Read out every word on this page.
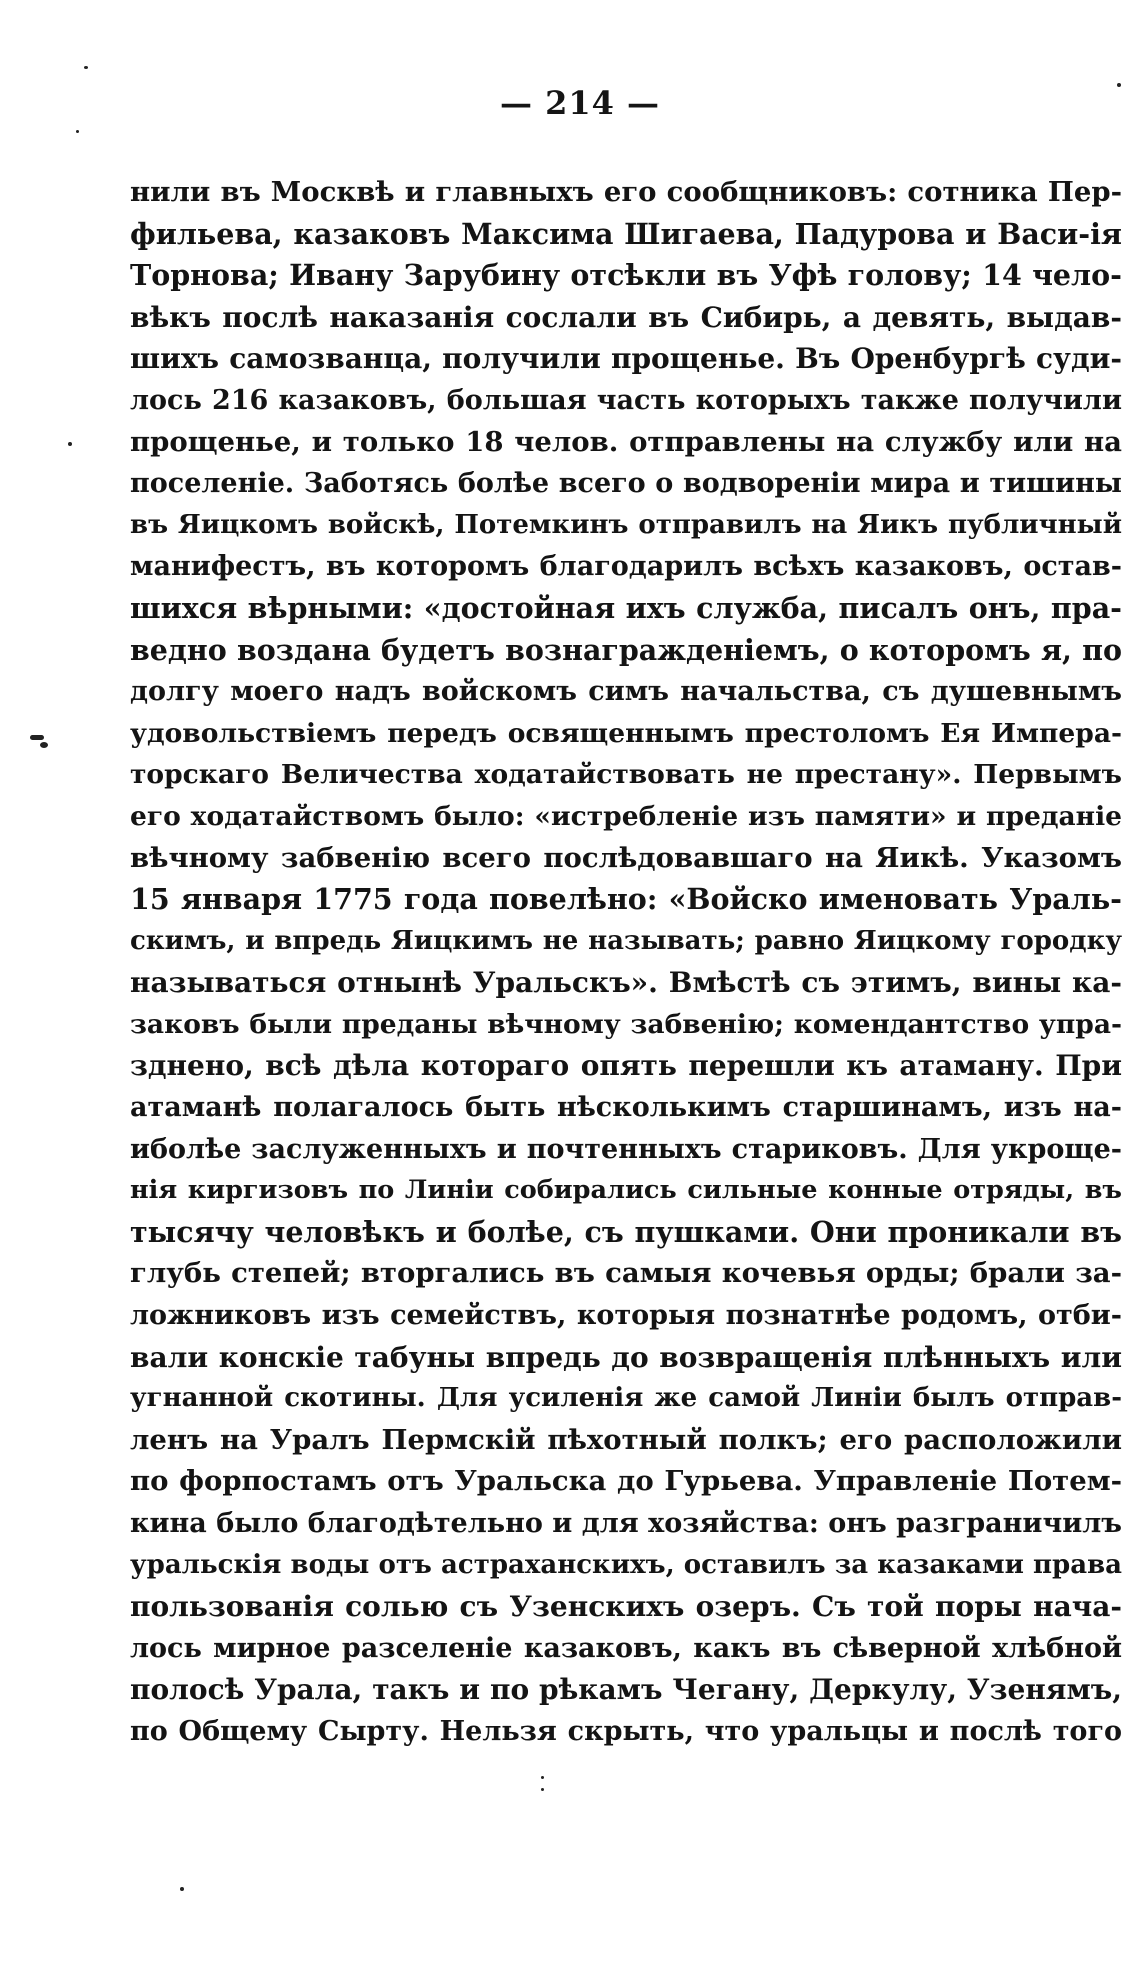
— 214 —
нили въ Москвѣ и главныхъ его сообщниковъ: сотника Пер-
фильева, казаковъ Максима Шигаева, Падурова и Васи-ія
Торнова; Ивану Зарубину отсѣкли въ Уфѣ голову; 14 чело-
вѣкъ послѣ наказанія сослали въ Сибирь, а девять, выдав-
шихъ самозванца, получили прощенье. Въ Оренбургѣ суди-
лось 216 казаковъ, большая часть которыхъ также получили
прощенье, и только 18 челов. отправлены на службу или на
поселеніе. Заботясь болѣе всего о водвореніи мира и тишины
въ Яицкомъ войскѣ, Потемкинъ отправилъ на Яикъ публичный
манифестъ, въ которомъ благодарилъ всѣхъ казаковъ, остав-
шихся вѣрными: «достойная ихъ служба, писалъ онъ, пра-
ведно воздана будетъ вознагражденіемъ, о которомъ я, по
долгу моего надъ войскомъ симъ начальства, съ душевнымъ
удовольствіемъ передъ освященнымъ престоломъ Ея Импера-
торскаго Величества ходатайствовать не престану». Первымъ
его ходатайствомъ было: «истребленіе изъ памяти» и преданіе
вѣчному забвенію всего послѣдовавшаго на Яикѣ. Указомъ
15 января 1775 года повелѣно: «Войско именовать Ураль-
скимъ, и впредь Яицкимъ не называть; равно Яицкому городку
называться отнынѣ Уральскъ». Вмѣстѣ съ этимъ, вины ка-
заковъ были преданы вѣчному забвенію; комендантство упра-
зднено, всѣ дѣла котораго опять перешли къ атаману. При
атаманѣ полагалось быть нѣсколькимъ старшинамъ, изъ на-
иболѣе заслуженныхъ и почтенныхъ стариковъ. Для укроще-
нія киргизовъ по Линіи собирались сильные конные отряды, въ
тысячу человѣкъ и болѣе, съ пушками. Они проникали въ
глубь степей; вторгались въ самыя кочевья орды; брали за-
ложниковъ изъ семействъ, которыя познатнѣе родомъ, отби-
вали конскіе табуны впредь до возвращенія плѣнныхъ или
угнанной скотины. Для усиленія же самой Линіи былъ отправ-
ленъ на Уралъ Пермскій пѣхотный полкъ; его расположили
по форпостамъ отъ Уральска до Гурьева. Управленіе Потем-
кина было благодѣтельно и для хозяйства: онъ разграничилъ
уральскія воды отъ астраханскихъ, оставилъ за казаками права
пользованія солью съ Узенскихъ озеръ. Съ той поры нача-
лось мирное разселеніе казаковъ, какъ въ сѣверной хлѣбной
полосѣ Урала, такъ и по рѣкамъ Чегану, Деркулу, Узенямъ,
по Общему Сырту. Нельзя скрыть, что уральцы и послѣ того
